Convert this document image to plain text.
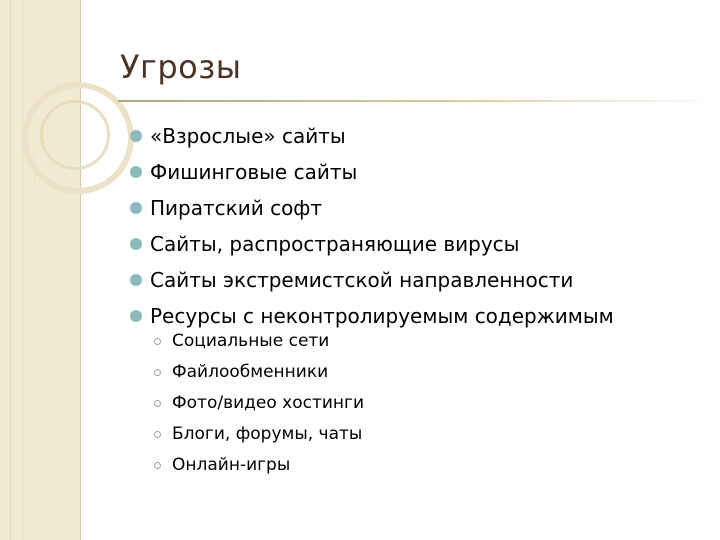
Угрозы
«Взрослые» сайты
Фишинговые сайты
Пиратский софт
Сайты, распространяющие вирусы
Сайты экстремистской направленности
Ресурсы с неконтролируемым содержимым
Социальные сети
Файлообменники
Фото/видео хостинги
Блоги, форумы, чаты
Онлайн-игры
